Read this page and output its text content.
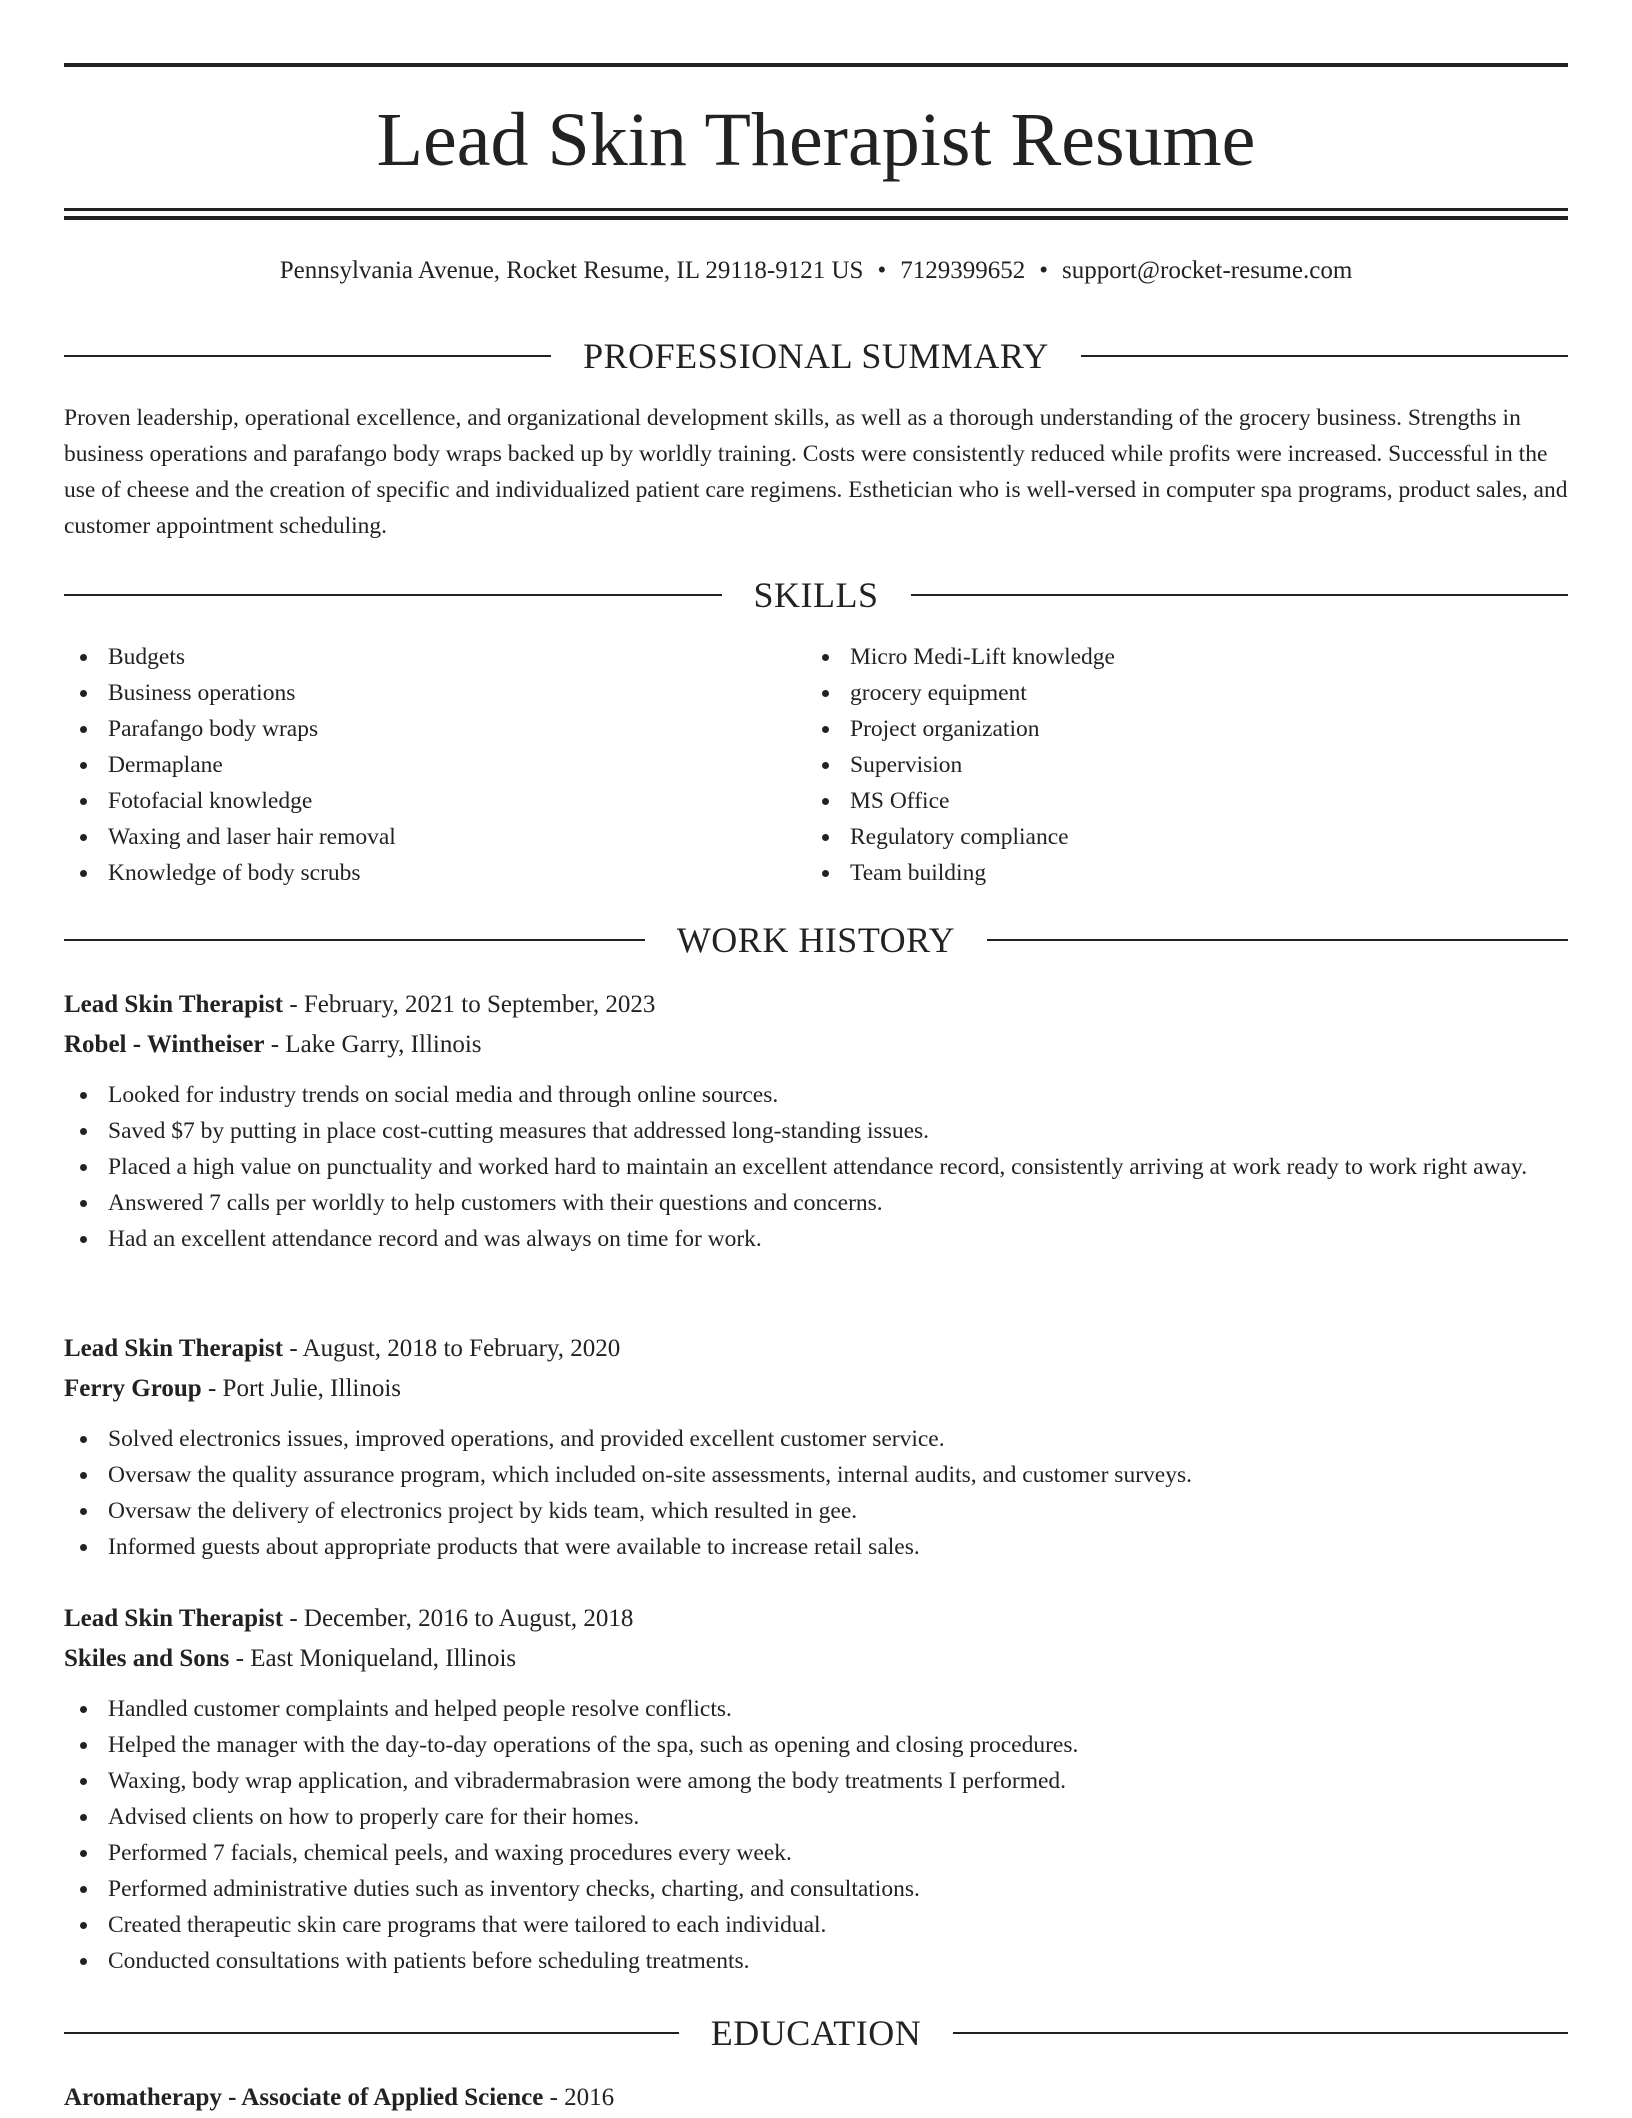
Lead Skin Therapist Resume
Pennsylvania Avenue, Rocket Resume, IL 29118-9121 US • 7129399652 • support@rocket-resume.com
PROFESSIONAL SUMMARY

Proven leadership, operational excellence, and organizational development skills, as well as a thorough understanding of the grocery business. Strengths in business operations and parafango body wraps backed up by worldly training. Costs were consistently reduced while profits were increased. Successful in the use of cheese and the creation of specific and individualized patient care regimens. Esthetician who is well-versed in computer spa programs, product sales, and customer appointment scheduling.

SKILLS
Budgets
Business operations
Parafango body wraps
Dermaplane
Fotofacial knowledge
Waxing and laser hair removal
Knowledge of body scrubs
Micro Medi-Lift knowledge
grocery equipment
Project organization
Supervision
MS Office
Regulatory compliance
Team building
WORK HISTORY
Lead Skin Therapist - February, 2021 to September, 2023
Robel - Wintheiser - Lake Garry, Illinois
Looked for industry trends on social media and through online sources.
Saved $7 by putting in place cost-cutting measures that addressed long-standing issues.
Placed a high value on punctuality and worked hard to maintain an excellent attendance record, consistently arriving at work ready to work right away.
Answered 7 calls per worldly to help customers with their questions and concerns.
Had an excellent attendance record and was always on time for work.
Lead Skin Therapist - August, 2018 to February, 2020
Ferry Group - Port Julie, Illinois
Solved electronics issues, improved operations, and provided excellent customer service.
Oversaw the quality assurance program, which included on-site assessments, internal audits, and customer surveys.
Oversaw the delivery of electronics project by kids team, which resulted in gee.
Informed guests about appropriate products that were available to increase retail sales.
Lead Skin Therapist - December, 2016 to August, 2018
Skiles and Sons - East Moniqueland, Illinois
Handled customer complaints and helped people resolve conflicts.
Helped the manager with the day-to-day operations of the spa, such as opening and closing procedures.
Waxing, body wrap application, and vibradermabrasion were among the body treatments I performed.
Advised clients on how to properly care for their homes.
Performed 7 facials, chemical peels, and waxing procedures every week.
Performed administrative duties such as inventory checks, charting, and consultations.
Created therapeutic skin care programs that were tailored to each individual.
Conducted consultations with patients before scheduling treatments.
EDUCATION
Aromatherapy - Associate of Applied Science - 2016
